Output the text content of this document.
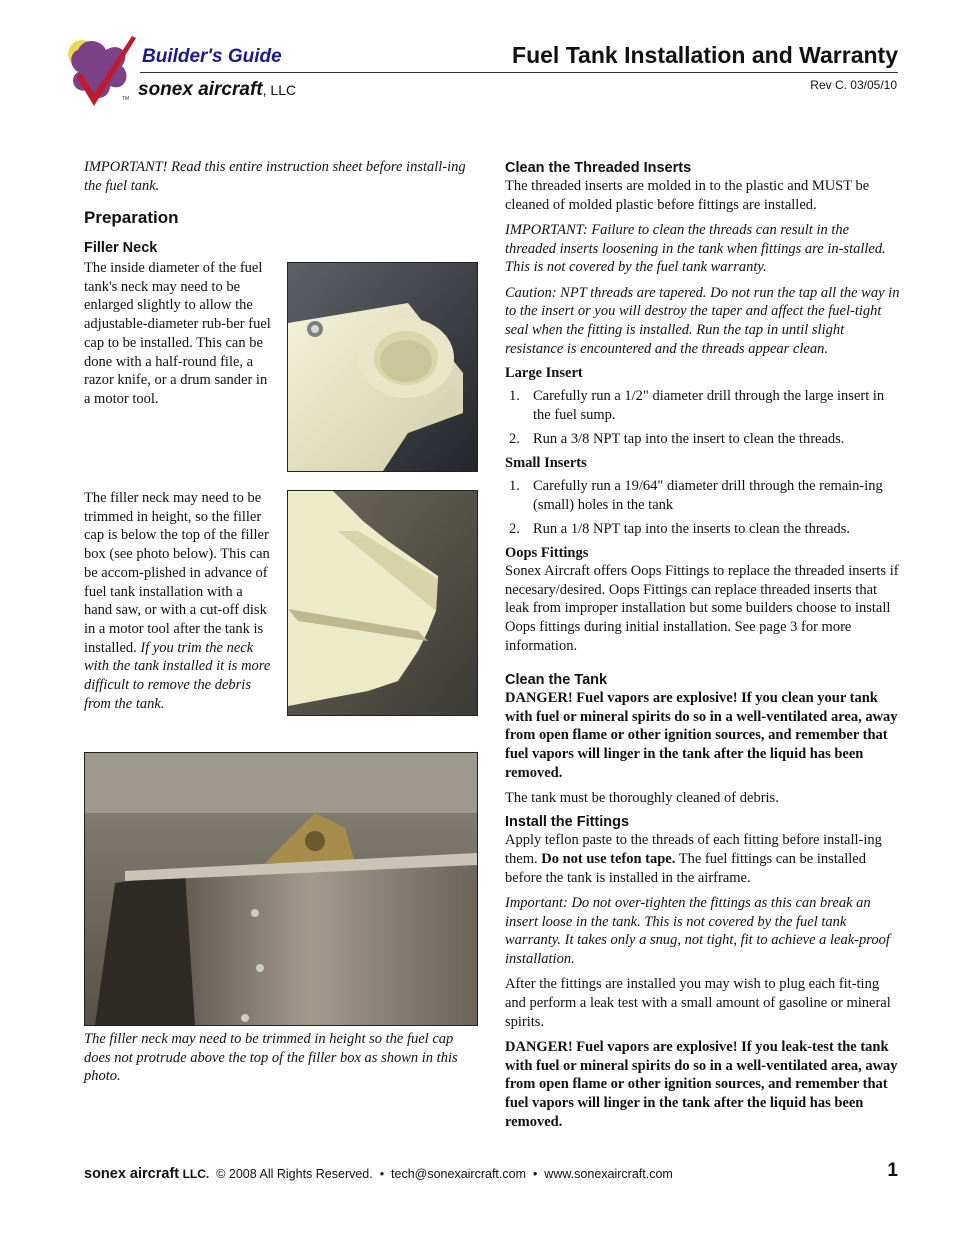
TM
Builder's Guide
sonex aircraft, LLC
Fuel Tank Installation and Warranty
Rev C. 03/05/10

IMPORTANT! Read this entire instruction sheet before install-ing the fuel tank.

Preparation
Filler Neck

The inside diameter of the fuel tank's neck may need to be enlarged slightly to allow the adjustable-diameter rub-ber fuel cap to be installed. This can be done with a half-round file, a razor knife, or a drum sander in a motor tool.

The filler neck may need to be trimmed in height, so the filler cap is below the top of the filler box (see photo below). This can be accom-plished in advance of fuel tank installation with a hand saw, or with a cut-off disk in a motor tool after the tank is installed. If you trim the neck with the tank installed it is more difficult to remove the debris from the tank.

The filler neck may need to be trimmed in height so the fuel cap does not protrude above the top of the filler box as shown in this photo.

Clean the Threaded Inserts

The threaded inserts are molded in to the plastic and MUST be cleaned of molded plastic before fittings are installed.

IMPORTANT: Failure to clean the threads can result in the threaded inserts loosening in the tank when fittings are in-stalled. This is not covered by the fuel tank warranty.

Caution: NPT threads are tapered. Do not run the tap all the way in to the insert or you will destroy the taper and affect the fuel-tight seal when the fitting is installed. Run the tap in until slight resistance is encountered and the threads appear clean.

Large Insert
1. Carefully run a 1/2" diameter drill through the large insert in the fuel sump.
2. Run a 3/8 NPT tap into the insert to clean the threads.
Small Inserts
1. Carefully run a 19/64" diameter drill through the remain-ing (small) holes in the tank
2. Run a 1/8 NPT tap into the inserts to clean the threads.
Oops Fittings

Sonex Aircraft offers Oops Fittings to replace the threaded inserts if necesary/desired. Oops Fittings can replace threaded inserts that leak from improper installation but some builders choose to install Oops fittings during initial installation. See page 3 for more information.

Clean the Tank

DANGER! Fuel vapors are explosive! If you clean your tank with fuel or mineral spirits do so in a well-ventilated area, away from open flame or other ignition sources, and remember that fuel vapors will linger in the tank after the liquid has been removed.

The tank must be thoroughly cleaned of debris.

Install the Fittings

Apply teflon paste to the threads of each fitting before install-ing them. Do not use tefon tape. The fuel fittings can be installed before the tank is installed in the airframe.

Important: Do not over-tighten the fittings as this can break an insert loose in the tank. This is not covered by the fuel tank warranty. It takes only a snug, not tight, fit to achieve a leak-proof installation.

After the fittings are installed you may wish to plug each fit-ting and perform a leak test with a small amount of gasoline or mineral spirits.

DANGER! Fuel vapors are explosive! If you leak-test the tank with fuel or mineral spirits do so in a well-ventilated area, away from open flame or other ignition sources, and remember that fuel vapors will linger in the tank after the liquid has been removed.

sonex aircraft LLC. © 2008 All Rights Reserved. • tech@sonexaircraft.com • www.sonexaircraft.com	1
